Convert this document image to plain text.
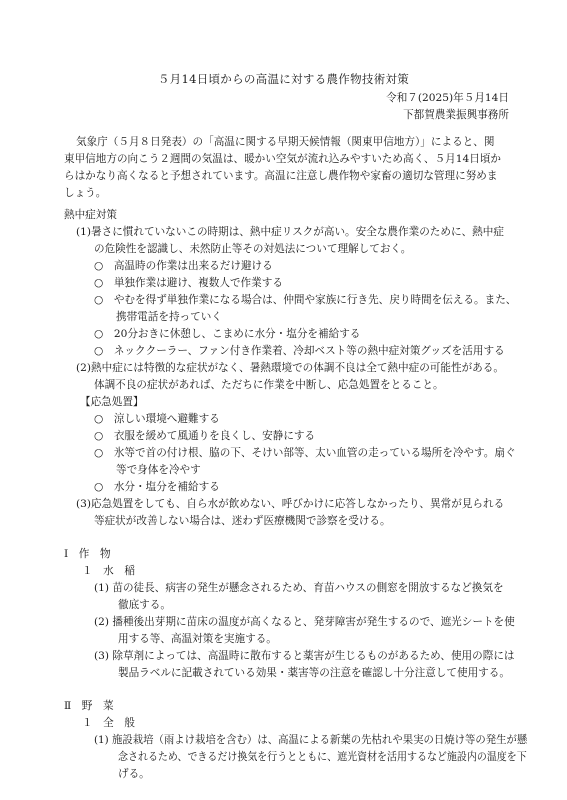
５月14日頃からの高温に対する農作物技術対策
令和７(2025)年５月14日
下都賀農業振興事務所
気象庁（５月８日発表）の「高温に関する早期天候情報（関東甲信地方）」によると、関
東甲信地方の向こう２週間の気温は、暖かい空気が流れ込みやすいため高く、５月14日頃か
らはかなり高くなると予想されています。高温に注意し農作物や家畜の適切な管理に努めま
しょう。
熱中症対策
(1)暑さに慣れていないこの時期は、熱中症リスクが高い。安全な農作業のために、熱中症
の危険性を認識し、未然防止等その対処法について理解しておく。
○　高温時の作業は出来るだけ避ける
○　単独作業は避け、複数人で作業する
○　やむを得ず単独作業になる場合は、仲間や家族に行き先、戻り時間を伝える。また、
携帯電話を持っていく
○　20分おきに休憩し、こまめに水分・塩分を補給する
○　ネッククーラー、ファン付き作業着、冷却ベスト等の熱中症対策グッズを活用する
(2)熱中症には特徴的な症状がなく、暑熱環境での体調不良は全て熱中症の可能性がある。
体調不良の症状があれば、ただちに作業を中断し、応急処置をとること。
【応急処置】
○　涼しい環境へ避難する
○　衣服を緩めて風通りを良くし、安静にする
○　氷等で首の付け根、脇の下、そけい部等、太い血管の走っている場所を冷やす。扇ぐ
等で身体を冷やす
○　水分・塩分を補給する
(3)応急処置をしても、自ら水が飲めない、呼びかけに応答しなかったり、異常が見られる
等症状が改善しない場合は、迷わず医療機関で診察を受ける。
Ⅰ　作　物
１　水　稲
(1) 苗の徒長、病害の発生が懸念されるため、育苗ハウスの側窓を開放するなど換気を
徹底する。
(2) 播種後出芽期に苗床の温度が高くなると、発芽障害が発生するので、遮光シートを使
用する等、高温対策を実施する。
(3) 除草剤によっては、高温時に散布すると薬害が生じるものがあるため、使用の際には
製品ラベルに記載されている効果・薬害等の注意を確認し十分注意して使用する。
Ⅱ　野　菜
１　全　般
(1) 施設栽培（雨よけ栽培を含む）は、高温による新葉の先枯れや果実の日焼け等の発生が懸
念されるため、できるだけ換気を行うとともに、遮光資材を活用するなど施設内の温度を下
げる。
